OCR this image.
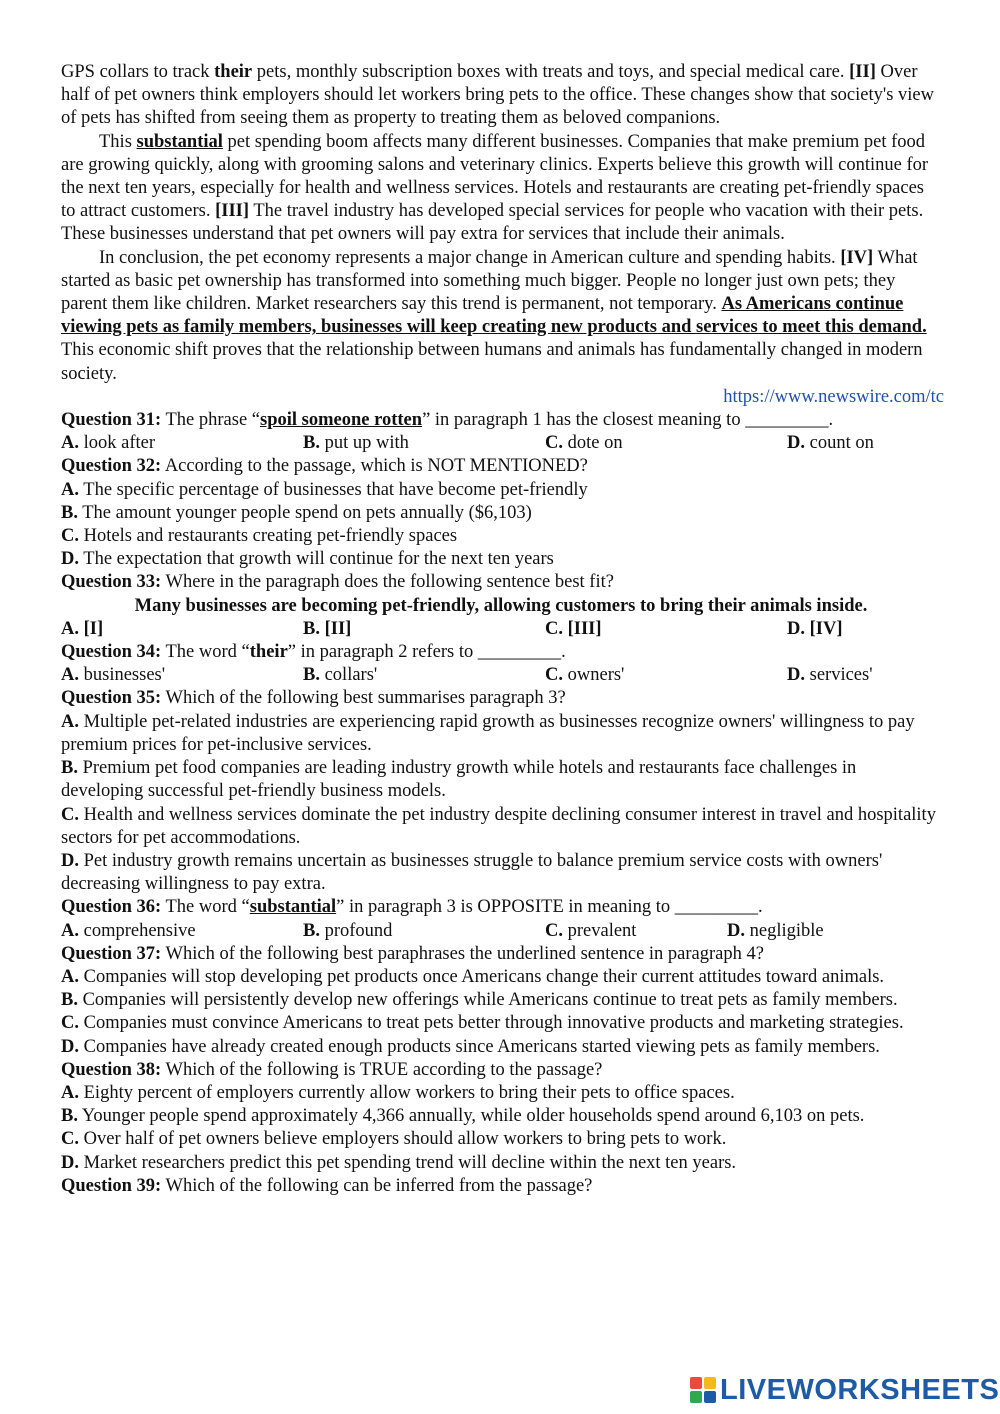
GPS collars to track their pets, monthly subscription boxes with treats and toys, and special medical care. [II] Over half of pet owners think employers should let workers bring pets to the office. These changes show that society's view of pets has shifted from seeing them as property to treating them as beloved companions.

This substantial pet spending boom affects many different businesses. Companies that make premium pet food are growing quickly, along with grooming salons and veterinary clinics. Experts believe this growth will continue for the next ten years, especially for health and wellness services. Hotels and restaurants are creating pet-friendly spaces to attract customers. [III] The travel industry has developed special services for people who vacation with their pets. These businesses understand that pet owners will pay extra for services that include their animals.

In conclusion, the pet economy represents a major change in American culture and spending habits. [IV] What started as basic pet ownership has transformed into something much bigger. People no longer just own pets; they parent them like children. Market researchers say this trend is permanent, not temporary. As Americans continue viewing pets as family members, businesses will keep creating new products and services to meet this demand. This economic shift proves that the relationship between humans and animals has fundamentally changed in modern society.

https://www.newswire.com/tc

Question 31: The phrase “spoil someone rotten” in paragraph 1 has the closest meaning to _________.

A. look after	B. put up with	C. dote on	D. count on

Question 32: According to the passage, which is NOT MENTIONED?

A. The specific percentage of businesses that have become pet-friendly

B. The amount younger people spend on pets annually ($6,103)

C. Hotels and restaurants creating pet-friendly spaces

D. The expectation that growth will continue for the next ten years

Question 33: Where in the paragraph does the following sentence best fit?

Many businesses are becoming pet-friendly, allowing customers to bring their animals inside.

A. [I]	B. [II]	C. [III]	D. [IV]

Question 34: The word “their” in paragraph 2 refers to _________.

A. businesses'	B. collars'	C. owners'	D. services'

Question 35: Which of the following best summarises paragraph 3?

A. Multiple pet-related industries are experiencing rapid growth as businesses recognize owners' willingness to pay premium prices for pet-inclusive services.

B. Premium pet food companies are leading industry growth while hotels and restaurants face challenges in developing successful pet-friendly business models.

C. Health and wellness services dominate the pet industry despite declining consumer interest in travel and hospitality sectors for pet accommodations.

D. Pet industry growth remains uncertain as businesses struggle to balance premium service costs with owners' decreasing willingness to pay extra.

Question 36: The word “substantial” in paragraph 3 is OPPOSITE in meaning to _________.

A. comprehensive	B. profound	C. prevalent	D. negligible

Question 37: Which of the following best paraphrases the underlined sentence in paragraph 4?

A. Companies will stop developing pet products once Americans change their current attitudes toward animals.

B. Companies will persistently develop new offerings while Americans continue to treat pets as family members.

C. Companies must convince Americans to treat pets better through innovative products and marketing strategies.

D. Companies have already created enough products since Americans started viewing pets as family members.

Question 38: Which of the following is TRUE according to the passage?

A. Eighty percent of employers currently allow workers to bring their pets to office spaces.

B. Younger people spend approximately 4,366 annually, while older households spend around 6,103 on pets.

C. Over half of pet owners believe employers should allow workers to bring pets to work.

D. Market researchers predict this pet spending trend will decline within the next ten years.

Question 39: Which of the following can be inferred from the passage?

LIVEWORKSHEETS
